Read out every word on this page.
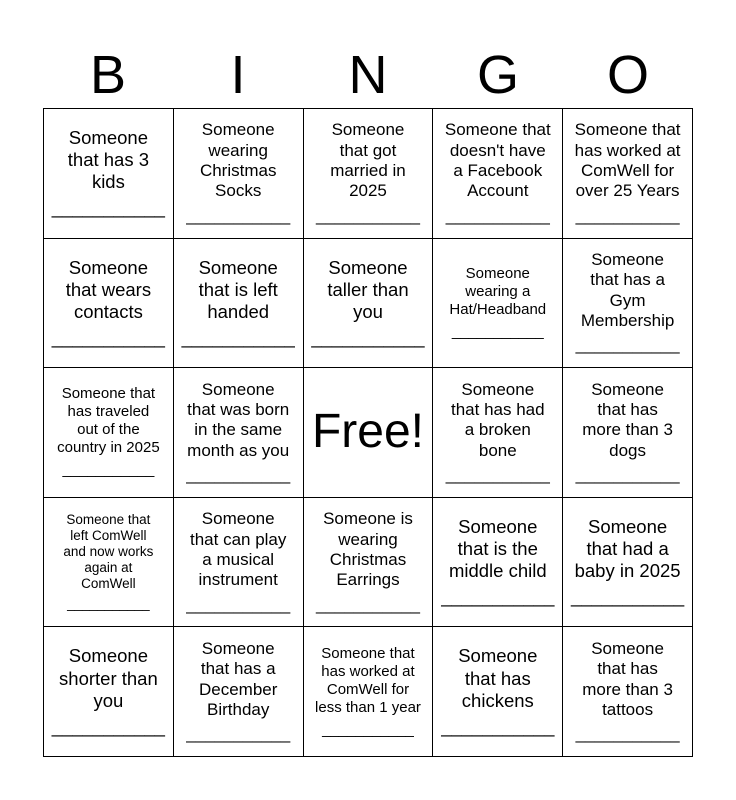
B	I	N	G	O
Someone
that has 3
kids
___________
Someone
wearing
Christmas
Socks
___________
Someone
that got
married in
2025
___________
Someone that
doesn't have
a Facebook
Account
___________
Someone that
has worked at
ComWell for
over 25 Years
___________
Someone
that wears
contacts
___________
Someone
that is left
handed
___________
Someone
taller than
you
___________
Someone
wearing a
Hat/Headband
___________
Someone
that has a
Gym
Membership
___________
Someone that
has traveled
out of the
country in 2025
___________
Someone
that was born
in the same
month as you
___________
Free!
Someone
that has had
a broken
bone
___________
Someone
that has
more than 3
dogs
___________
Someone that
left ComWell
and now works
again at
ComWell
___________
Someone
that can play
a musical
instrument
___________
Someone is
wearing
Christmas
Earrings
___________
Someone
that is the
middle child
___________
Someone
that had a
baby in 2025
___________
Someone
shorter than
you
___________
Someone
that has a
December
Birthday
___________
Someone that
has worked at
ComWell for
less than 1 year
___________
Someone
that has
chickens
___________
Someone
that has
more than 3
tattoos
___________
